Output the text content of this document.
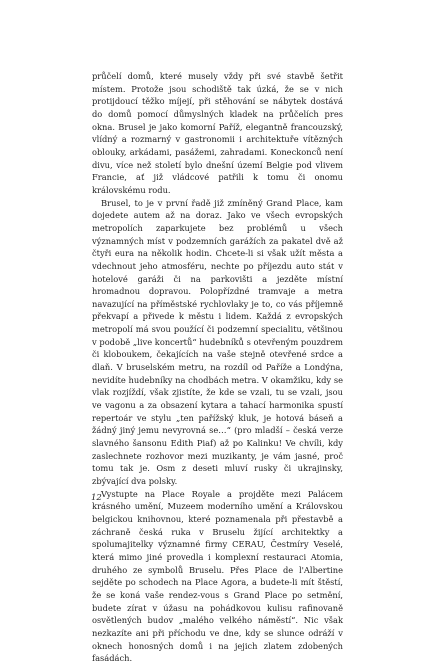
průčelí domů, které musely vždy při své stavbě šetřit místem. Protože jsou schodiště tak úzká, že se v nich protijdoucí těžko míjejí, při stěhování se nábytek dostává do domů pomocí důmyslných kladek na průčelích pres okna. Brusel je jako komorní Paříž, elegantně francouzský, vlídný a rozmarný v gastronomii i architektuře vítězných oblouky, arkádami, pasážemi, zahradami. Koneckonců není divu, více než století bylo dnešní území Belgie pod vlivem Francie, ať již vládcové patřili k tomu či onomu královskému rodu.

Brusel, to je v první řadě již zmíněný Grand Place, kam dojedete autem až na doraz. Jako ve všech evropských metropolích zaparkujete bez problémů u všech významných míst v podzemních garážích za pakatel dvě až čtyři eura na několik hodin. Chcete-li si však užít města a vdechnout jeho atmosféru, nechte po příjezdu auto stát v hotelové garáži či na parkovišti a jezděte místní hromadnou dopravou. Polopřízdné tramvaje a metra navazující na příměstské rychlovlaky je to, co vás příjemně překvapí a přivede k městu i lidem. Každá z evropských metropolí má svou použící či podzemní specialitu, většinou v podobě „live koncertů“ hudebníků s otevřeným pouzdrem či kloboukem, čekajících na vaše stejně otevřené srdce a dlaň. V bruselském metru, na rozdíl od Paříže a Londýna, nevidíte hudebníky na chodbách metra. V okamžiku, kdy se vlak rozjíždí, však zjistíte, že kde se vzali, tu se vzali, jsou ve vagonu a za obsazení kytara a tahací harmonika spustí repertoár ve stylu „ten pařížský kluk, je hotová báseň a žádný jiný jemu nevyrovná se…“ (pro mladší – česká verze slavného šansonu Edith Piaf) až po Kalinku! Ve chvíli, kdy zaslechnete rozhovor mezi muzikanty, je vám jasné, proč tomu tak je. Osm z deseti mluví rusky či ukrajinsky, zbývající dva polsky.

Vystupte na Place Royale a projděte mezi Palácem krásného umění, Muzeem moderního umění a Královskou belgickou knihovnou, které poznamenala při přestavbě a záchraně česká ruka v Bruselu žijící architektky a spolumajitelky významné firmy CERAU, Čestmíry Veselé, která mimo jiné provedla i komplexní restauraci Atomia, druhého ze symbolů Bruselu. Přes Place de l'Albertine sejděte po schodech na Place Agora, a budete-li mít štěstí, že se koná vaše rendez-vous s Grand Place po setmění, budete zírat v úžasu na pohádkovou kulisu rafinovaně osvětlených budov „malého velkého náměstí“. Nic však nezkazíte ani při příchodu ve dne, kdy se slunce odráží v oknech honosných domů i na jejich zlatem zdobených fasádách.

12
